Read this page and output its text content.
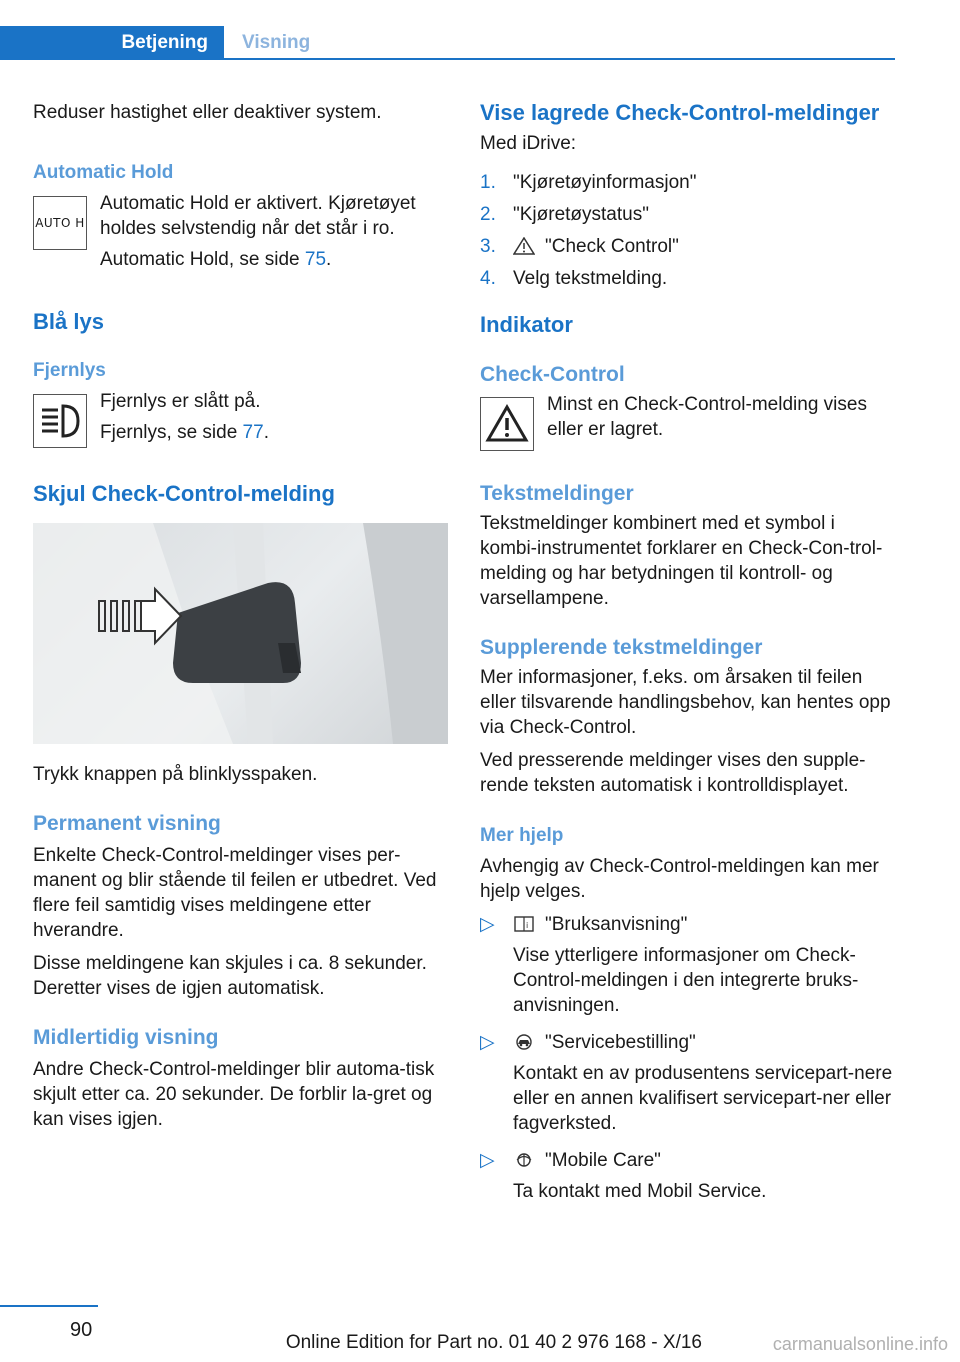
Betjening	Visning

Reduser hastighet eller deaktiver system.

Automatic Hold
AUTO H

Automatic Hold er aktivert. Kjøretøyet holdes selvstendig når det står i ro.

Automatic Hold, se side 75.

Blå lys
Fjernlys

Fjernlys er slått på.

Fjernlys, se side 77.

Skjul Check-Control-melding

Trykk knappen på blinklysspaken.

Permanent visning

Enkelte Check-Control-meldinger vises per-manent og blir stående til feilen er utbedret. Ved flere feil samtidig vises meldingene etter hverandre.

Disse meldingene kan skjules i ca. 8 sekunder. Deretter vises de igjen automatisk.

Midlertidig visning

Andre Check-Control-meldinger blir automa-tisk skjult etter ca. 20 sekunder. De forblir la-gret og kan vises igjen.

Vise lagrede Check-Control-meldinger

Med iDrive:

1. "Kjøretøyinformasjon"
2. "Kjøretøystatus"
3.	"Check Control"
4. Velg tekstmelding.
Indikator
Check-Control

Minst en Check-Control-melding vises eller er lagret.

Tekstmeldinger

Tekstmeldinger kombinert med et symbol i kombi-instrumentet forklarer en Check-Con-trol-melding og har betydningen til kontroll- og varsellampene.

Supplerende tekstmeldinger

Mer informasjoner, f.eks. om årsaken til feilen eller tilsvarende handlingsbehov, kan hentes opp via Check-Control.

Ved presserende meldinger vises den supple-rende teksten automatisk i kontrolldisplayet.

Mer hjelp

Avhengig av Check-Control-meldingen kan mer hjelp velges.

▷	i "Bruksanvisning"

Vise ytterligere informasjoner om Check-Control-meldingen i den integrerte bruks-anvisningen.

▷	"Servicebestilling"

Kontakt en av produsentens servicepart-nere eller en annen kvalifisert servicepart-ner eller fagverksted.

▷	"Mobile Care"

Ta kontakt med Mobil Service.

90
Online Edition for Part no. 01 40 2 976 168 - X/16	carmanualsonline.info
